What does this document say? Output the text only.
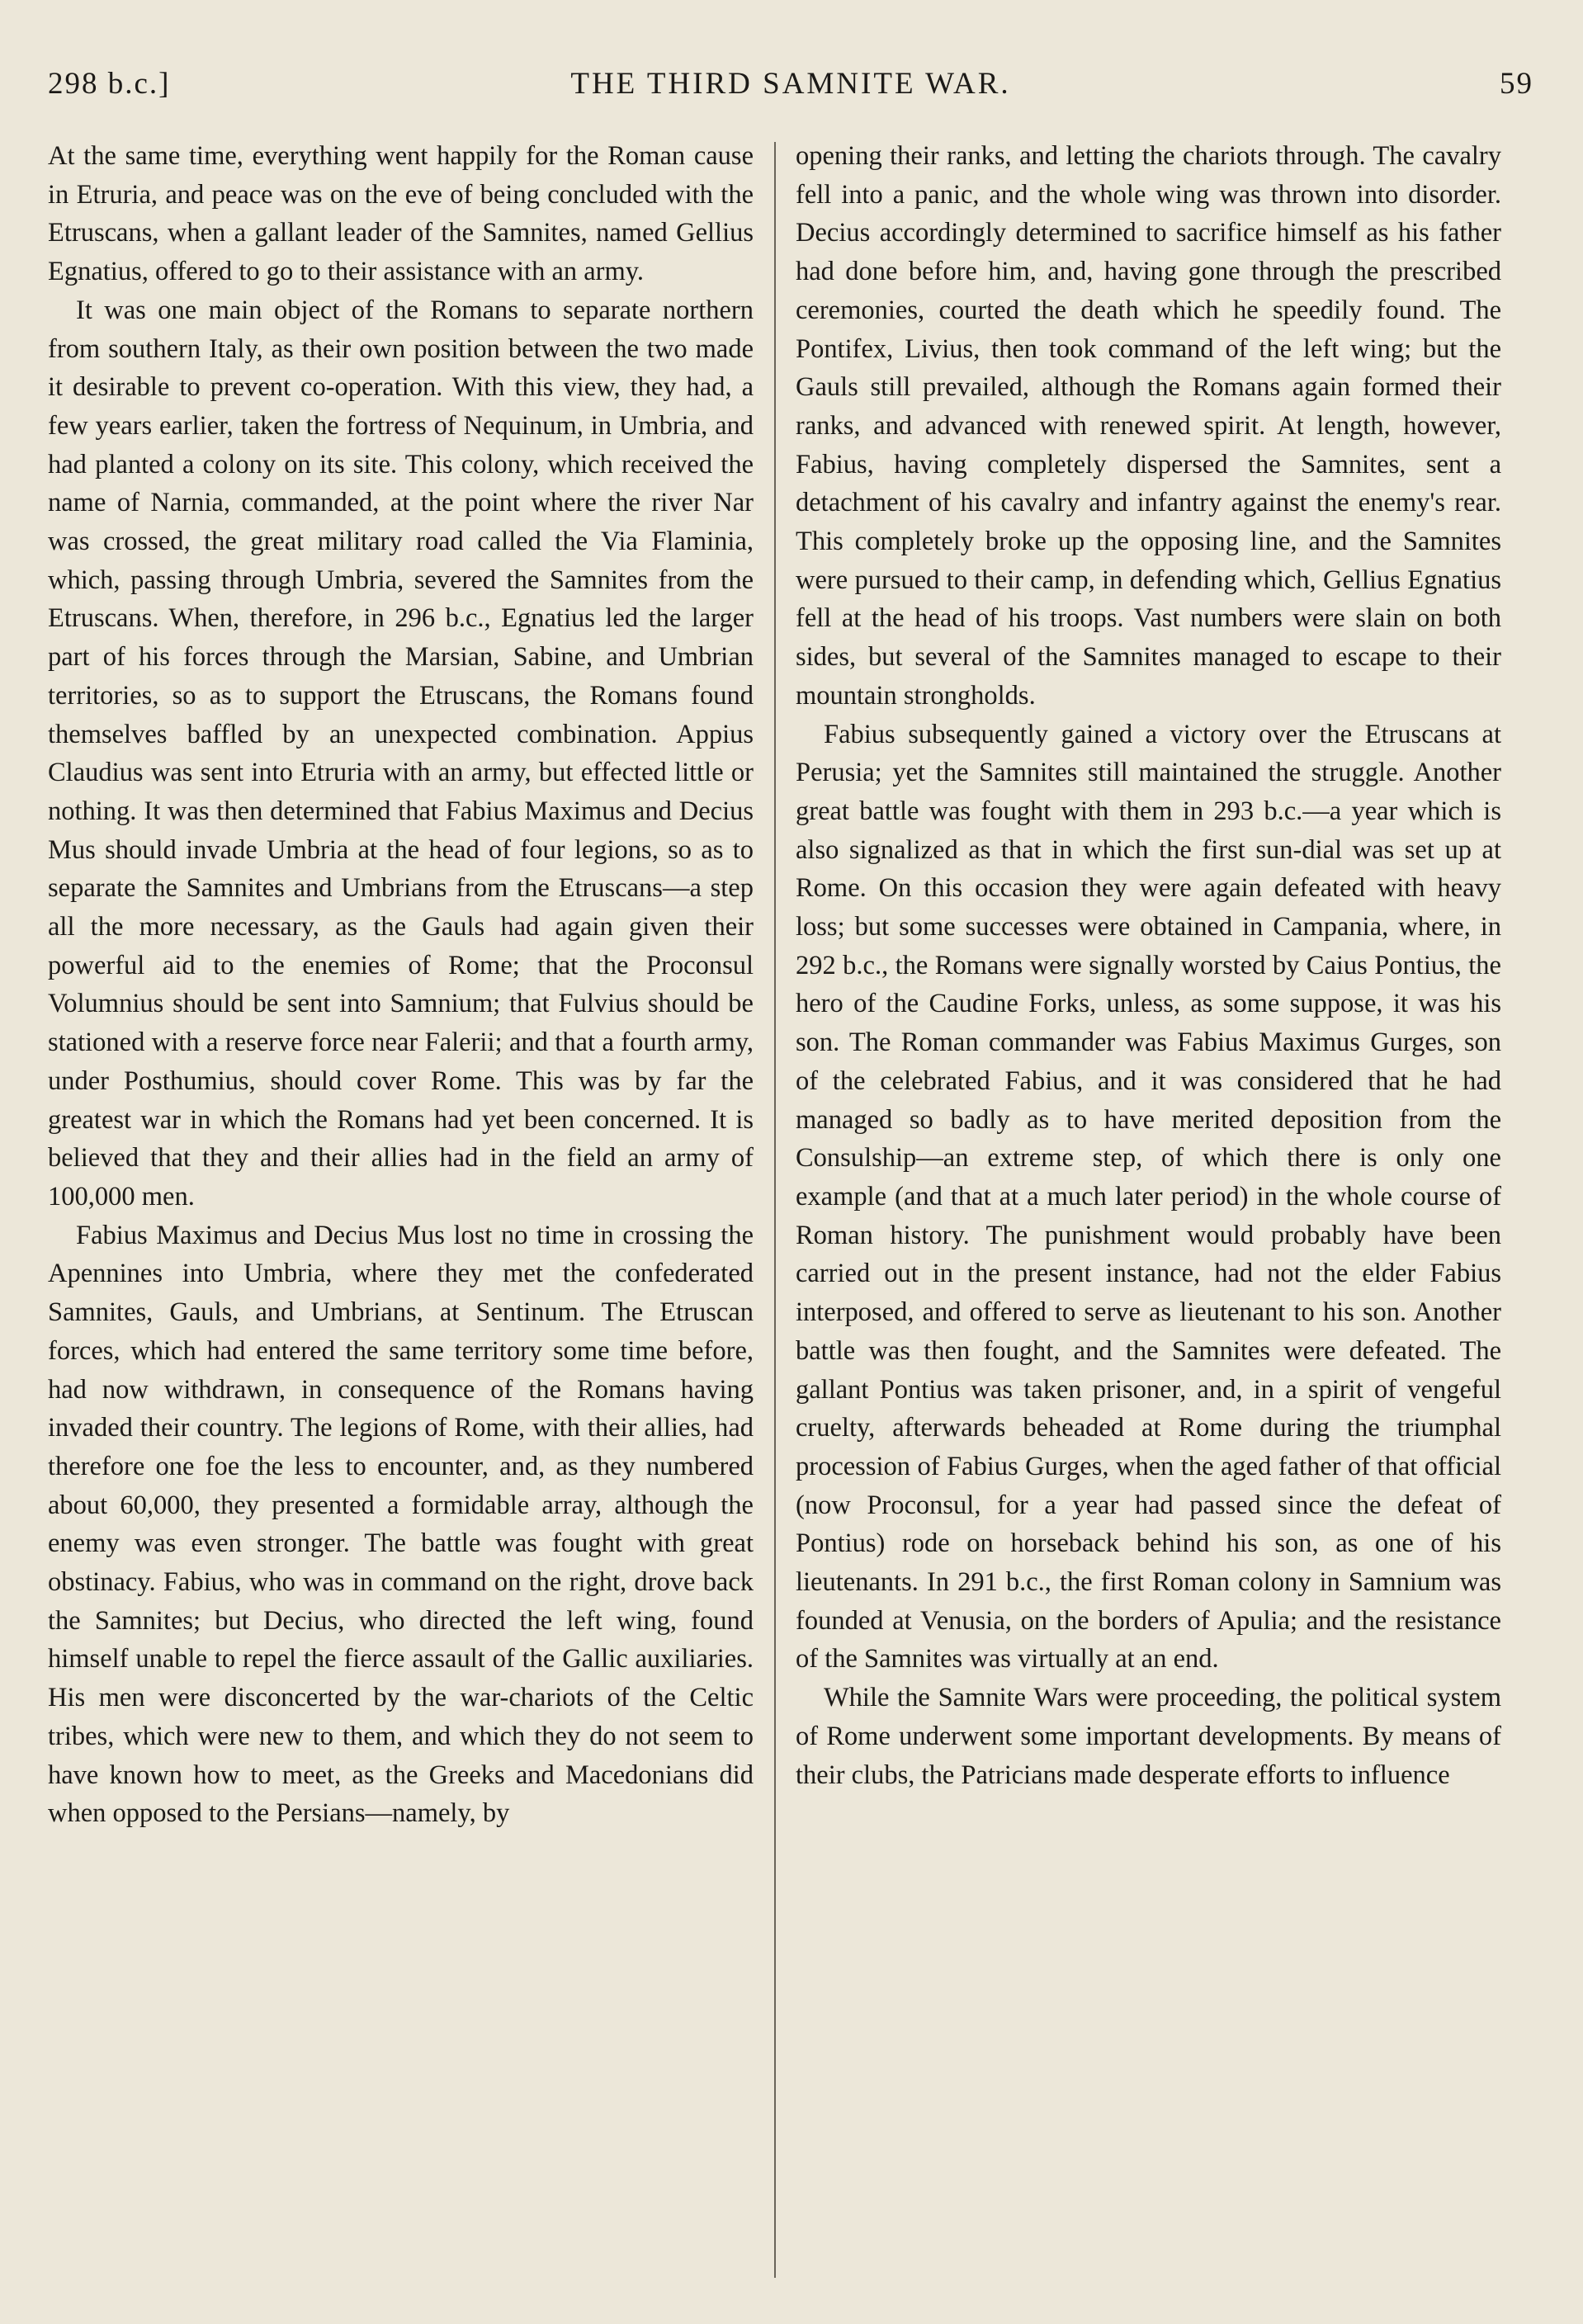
298 b.c.]	THE THIRD SAMNITE WAR.	59

At the same time, everything went happily for the Roman cause in Etruria, and peace was on the eve of being concluded with the Etruscans, when a gallant leader of the Samnites, named Gellius Egnatius, offered to go to their assistance with an army.

It was one main object of the Romans to separate northern from southern Italy, as their own position between the two made it desirable to prevent co-operation. With this view, they had, a few years earlier, taken the fortress of Nequinum, in Umbria, and had planted a colony on its site. This colony, which received the name of Narnia, commanded, at the point where the river Nar was crossed, the great military road called the Via Flaminia, which, passing through Umbria, severed the Samnites from the Etruscans. When, therefore, in 296 b.c., Egnatius led the larger part of his forces through the Marsian, Sabine, and Umbrian territories, so as to support the Etruscans, the Romans found themselves baffled by an unexpected combination. Appius Claudius was sent into Etruria with an army, but effected little or nothing. It was then determined that Fabius Maximus and Decius Mus should invade Umbria at the head of four legions, so as to separate the Samnites and Umbrians from the Etruscans—a step all the more necessary, as the Gauls had again given their powerful aid to the enemies of Rome; that the Proconsul Volumnius should be sent into Samnium; that Fulvius should be stationed with a reserve force near Falerii; and that a fourth army, under Posthumius, should cover Rome. This was by far the greatest war in which the Romans had yet been concerned. It is believed that they and their allies had in the field an army of 100,000 men.

Fabius Maximus and Decius Mus lost no time in crossing the Apennines into Umbria, where they met the confederated Samnites, Gauls, and Umbrians, at Sentinum. The Etruscan forces, which had entered the same territory some time before, had now withdrawn, in consequence of the Romans having invaded their country. The legions of Rome, with their allies, had therefore one foe the less to encounter, and, as they numbered about 60,000, they presented a formidable array, although the enemy was even stronger. The battle was fought with great obstinacy. Fabius, who was in command on the right, drove back the Samnites; but Decius, who directed the left wing, found himself unable to repel the fierce assault of the Gallic auxiliaries. His men were disconcerted by the war-chariots of the Celtic tribes, which were new to them, and which they do not seem to have known how to meet, as the Greeks and Macedonians did when opposed to the Persians—namely, by

opening their ranks, and letting the chariots through. The cavalry fell into a panic, and the whole wing was thrown into disorder. Decius accordingly determined to sacrifice himself as his father had done before him, and, having gone through the prescribed ceremonies, courted the death which he speedily found. The Pontifex, Livius, then took command of the left wing; but the Gauls still prevailed, although the Romans again formed their ranks, and advanced with renewed spirit. At length, however, Fabius, having completely dispersed the Samnites, sent a detachment of his cavalry and infantry against the enemy's rear. This completely broke up the opposing line, and the Samnites were pursued to their camp, in defending which, Gellius Egnatius fell at the head of his troops. Vast numbers were slain on both sides, but several of the Samnites managed to escape to their mountain strongholds.

Fabius subsequently gained a victory over the Etruscans at Perusia; yet the Samnites still maintained the struggle. Another great battle was fought with them in 293 b.c.—a year which is also signalized as that in which the first sun-dial was set up at Rome. On this occasion they were again defeated with heavy loss; but some successes were obtained in Campania, where, in 292 b.c., the Romans were signally worsted by Caius Pontius, the hero of the Caudine Forks, unless, as some suppose, it was his son. The Roman commander was Fabius Maximus Gurges, son of the celebrated Fabius, and it was considered that he had managed so badly as to have merited deposition from the Consulship—an extreme step, of which there is only one example (and that at a much later period) in the whole course of Roman history. The punishment would probably have been carried out in the present instance, had not the elder Fabius interposed, and offered to serve as lieutenant to his son. Another battle was then fought, and the Samnites were defeated. The gallant Pontius was taken prisoner, and, in a spirit of vengeful cruelty, afterwards beheaded at Rome during the triumphal procession of Fabius Gurges, when the aged father of that official (now Proconsul, for a year had passed since the defeat of Pontius) rode on horseback behind his son, as one of his lieutenants. In 291 b.c., the first Roman colony in Samnium was founded at Venusia, on the borders of Apulia; and the resistance of the Samnites was virtually at an end.

While the Samnite Wars were proceeding, the political system of Rome underwent some important developments. By means of their clubs, the Patricians made desperate efforts to influence
